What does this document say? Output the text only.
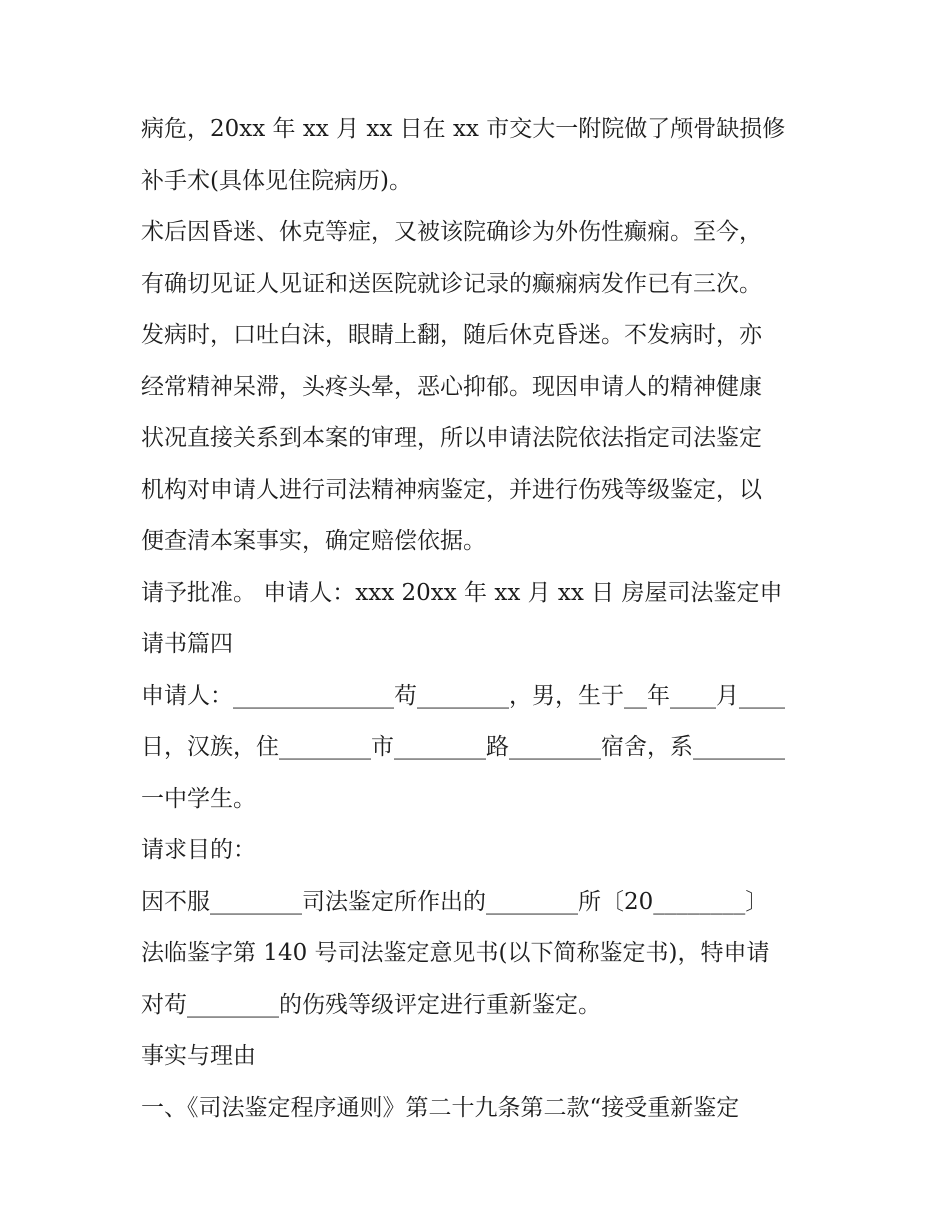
病危，20xx 年 xx 月 xx 日在 xx 市交大一附院做了颅骨缺损修
补手术(具体见住院病历)。
术后因昏迷、休克等症，又被该院确诊为外伤性癫痫。至今，
有确切见证人见证和送医院就诊记录的癫痫病发作已有三次。
发病时，口吐白沫，眼睛上翻，随后休克昏迷。不发病时，亦
经常精神呆滞，头疼头晕，恶心抑郁。现因申请人的精神健康
状况直接关系到本案的审理，所以申请法院依法指定司法鉴定
机构对申请人进行司法精神病鉴定，并进行伤残等级鉴定，以
便查清本案事实，确定赔偿依据。
请予批准。 申请人：xxx 20xx 年 xx 月 xx 日 房屋司法鉴定申
请书篇四
申请人：______________苟________，男，生于__年____月____
日，汉族，住________市________路________宿舍，系________
一中学生。
请求目的：
因不服________司法鉴定所作出的________所〔20________〕
法临鉴字第 140 号司法鉴定意见书(以下简称鉴定书)，特申请
对苟________的伤残等级评定进行重新鉴定。
事实与理由
一、《司法鉴定程序通则》第二十九条第二款“接受重新鉴定
